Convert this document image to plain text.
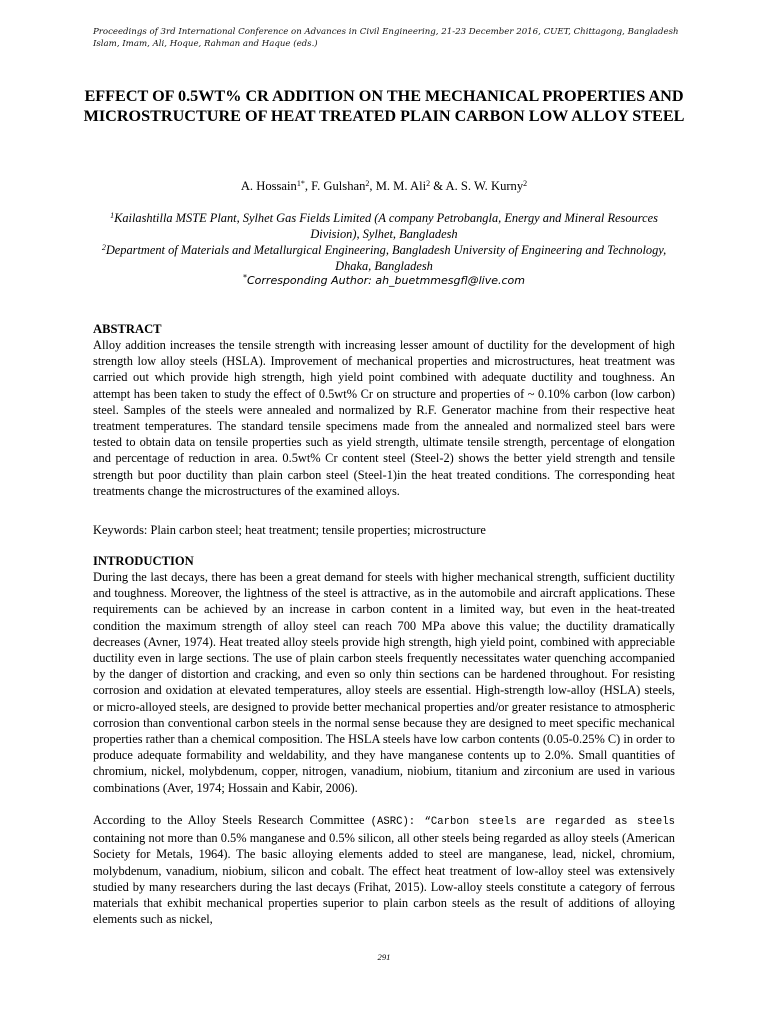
Proceedings of 3rd International Conference on Advances in Civil Engineering, 21-23 December 2016, CUET, Chittagong, Bangladesh
Islam, Imam, Ali, Hoque, Rahman and Haque (eds.)
EFFECT OF 0.5WT% CR ADDITION ON THE MECHANICAL PROPERTIES AND MICROSTRUCTURE OF HEAT TREATED PLAIN CARBON LOW ALLOY STEEL
A. Hossain$^{1*}$, F. Gulshan$^2$, M. M. Ali$^2$ & A. S. W. Kurny$^2$
$^1$Kailashtilla MSTE Plant, Sylhet Gas Fields Limited (A company Petrobangla, Energy and Mineral Resources Division), Sylhet, Bangladesh
$^2$Department of Materials and Metallurgical Engineering, Bangladesh University of Engineering and Technology, Dhaka, Bangladesh
*Corresponding Author: ah_buetmmesgfl@live.com
ABSTRACT
Alloy addition increases the tensile strength with increasing lesser amount of ductility for the development of high strength low alloy steels (HSLA). Improvement of mechanical properties and microstructures, heat treatment was carried out which provide high strength, high yield point combined with adequate ductility and toughness. An attempt has been taken to study the effect of 0.5wt% Cr on structure and properties of ~ 0.10% carbon (low carbon) steel. Samples of the steels were annealed and normalized by R.F. Generator machine from their respective heat treatment temperatures. The standard tensile specimens made from the annealed and normalized steel bars were tested to obtain data on tensile properties such as yield strength, ultimate tensile strength, percentage of elongation and percentage of reduction in area. 0.5wt% Cr content steel (Steel-2) shows the better yield strength and tensile strength but poor ductility than plain carbon steel (Steel-1)in the heat treated conditions. The corresponding heat treatments change the microstructures of the examined alloys.
Keywords: Plain carbon steel; heat treatment; tensile properties; microstructure
INTRODUCTION
During the last decays, there has been a great demand for steels with higher mechanical strength, sufficient ductility and toughness. Moreover, the lightness of the steel is attractive, as in the automobile and aircraft applications. These requirements can be achieved by an increase in carbon content in a limited way, but even in the heat-treated condition the maximum strength of alloy steel can reach 700 MPa above this value; the ductility dramatically decreases (Avner, 1974). Heat treated alloy steels provide high strength, high yield point, combined with appreciable ductility even in large sections. The use of plain carbon steels frequently necessitates water quenching accompanied by the danger of distortion and cracking, and even so only thin sections can be hardened throughout. For resisting corrosion and oxidation at elevated temperatures, alloy steels are essential. High-strength low-alloy (HSLA) steels, or micro-alloyed steels, are designed to provide better mechanical properties and/or greater resistance to atmospheric corrosion than conventional carbon steels in the normal sense because they are designed to meet specific mechanical properties rather than a chemical composition. The HSLA steels have low carbon contents (0.05-0.25% C) in order to produce adequate formability and weldability, and they have manganese contents up to 2.0%. Small quantities of chromium, nickel, molybdenum, copper, nitrogen, vanadium, niobium, titanium and zirconium are used in various combinations (Aver, 1974; Hossain and Kabir, 2006).
According to the Alloy Steels Research Committee (ASRC): “Carbon steels are regarded as steels containing not more than 0.5% manganese and 0.5% silicon, all other steels being regarded as alloy steels (American Society for Metals, 1964). The basic alloying elements added to steel are manganese, lead, nickel, chromium, molybdenum, vanadium, niobium, silicon and cobalt. The effect heat treatment of low-alloy steel was extensively studied by many researchers during the last decays (Frihat, 2015). Low-alloy steels constitute a category of ferrous materials that exhibit mechanical properties superior to plain carbon steels as the result of additions of alloying elements such as nickel,
291
